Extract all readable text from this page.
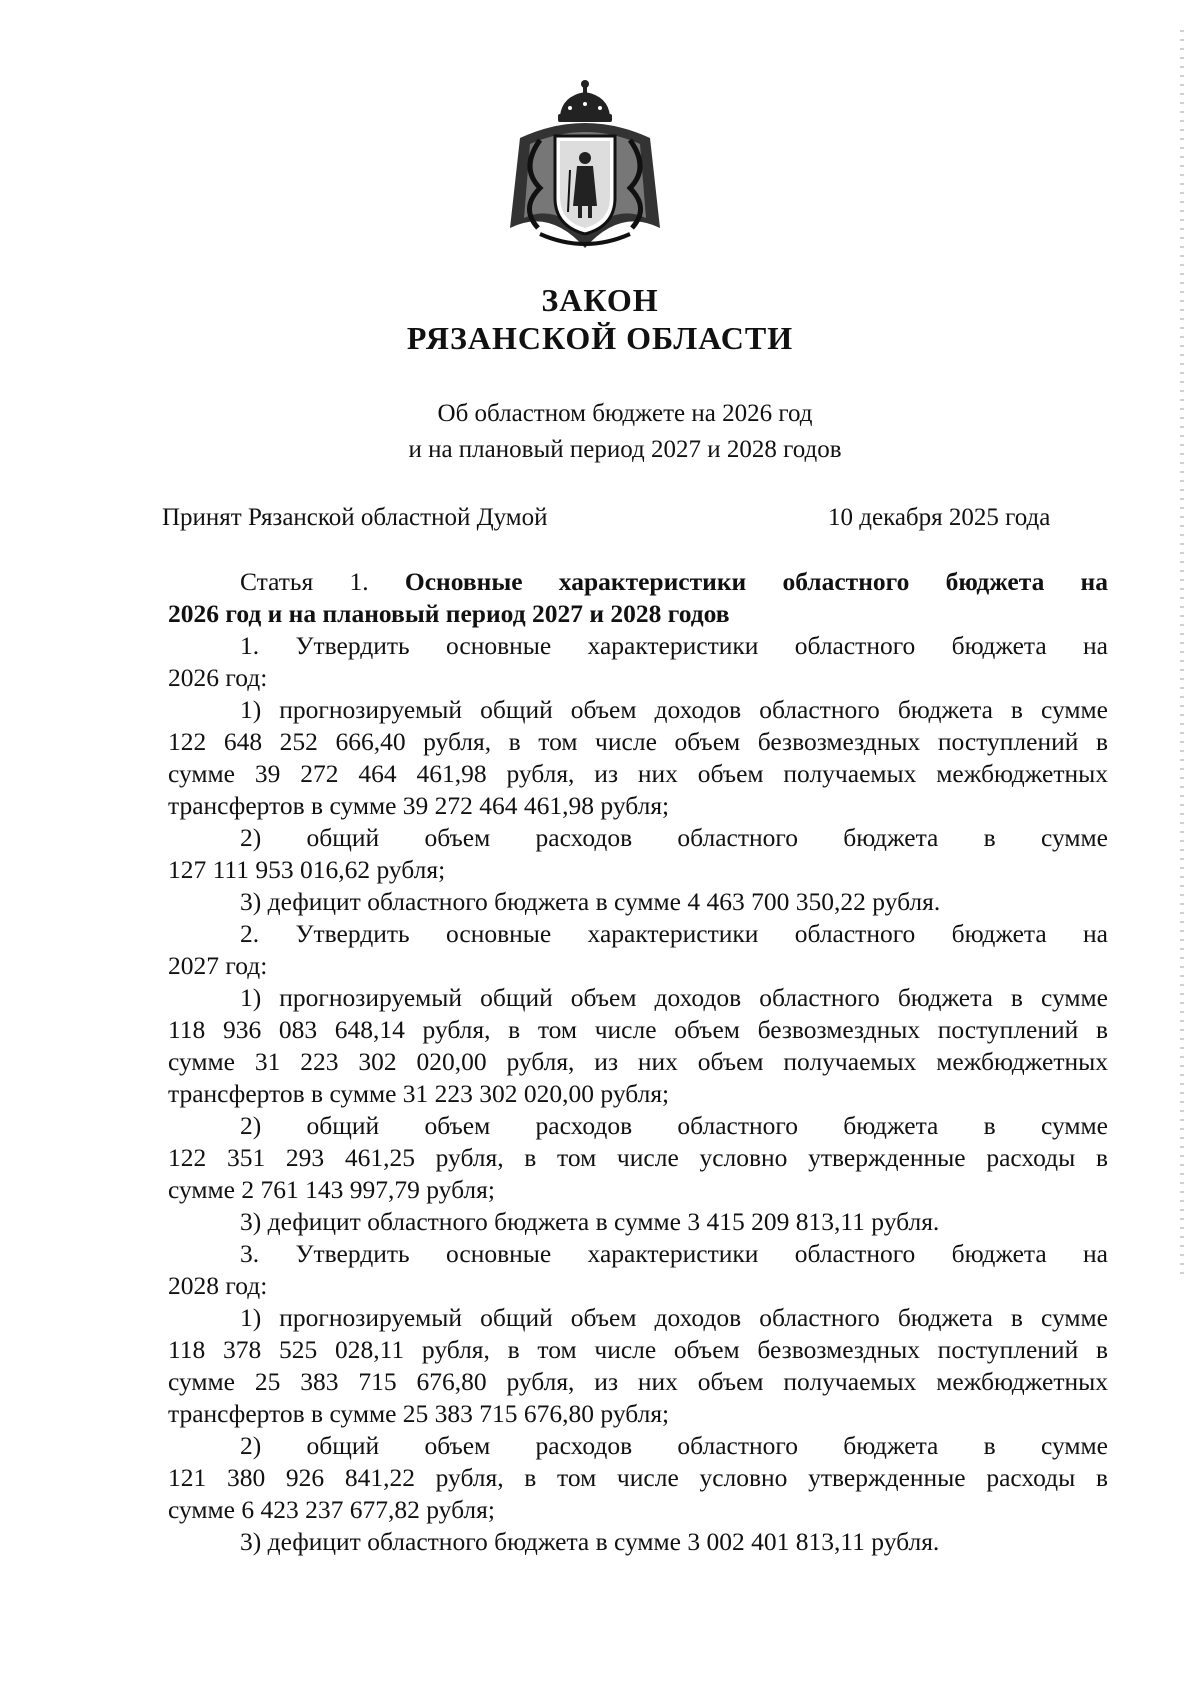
ЗАКОН
РЯЗАНСКОЙ ОБЛАСТИ
Об областном бюджете на 2026 год
и на плановый период 2027 и 2028 годов
Принят Рязанской областной Думой	10 декабря 2025 года
Статья 1. Основные характеристики областного бюджета на
2026 год и на плановый период 2027 и 2028 годов
1. Утвердить основные характеристики областного бюджета на
2026 год:
1) прогнозируемый общий объем доходов областного бюджета в сумме
122 648 252 666,40 рубля, в том числе объем безвозмездных поступлений в
сумме 39 272 464 461,98 рубля, из них объем получаемых межбюджетных
трансфертов в сумме 39 272 464 461,98 рубля;
2) общий объем расходов областного бюджета в сумме
127 111 953 016,62 рубля;
3) дефицит областного бюджета в сумме 4 463 700 350,22 рубля.
2. Утвердить основные характеристики областного бюджета на
2027 год:
1) прогнозируемый общий объем доходов областного бюджета в сумме
118 936 083 648,14 рубля, в том числе объем безвозмездных поступлений в
сумме 31 223 302 020,00 рубля, из них объем получаемых межбюджетных
трансфертов в сумме 31 223 302 020,00 рубля;
2) общий объем расходов областного бюджета в сумме
122 351 293 461,25 рубля, в том числе условно утвержденные расходы в
сумме 2 761 143 997,79 рубля;
3) дефицит областного бюджета в сумме 3 415 209 813,11 рубля.
3. Утвердить основные характеристики областного бюджета на
2028 год:
1) прогнозируемый общий объем доходов областного бюджета в сумме
118 378 525 028,11 рубля, в том числе объем безвозмездных поступлений в
сумме 25 383 715 676,80 рубля, из них объем получаемых межбюджетных
трансфертов в сумме 25 383 715 676,80 рубля;
2) общий объем расходов областного бюджета в сумме
121 380 926 841,22 рубля, в том числе условно утвержденные расходы в
сумме 6 423 237 677,82 рубля;
3) дефицит областного бюджета в сумме 3 002 401 813,11 рубля.
